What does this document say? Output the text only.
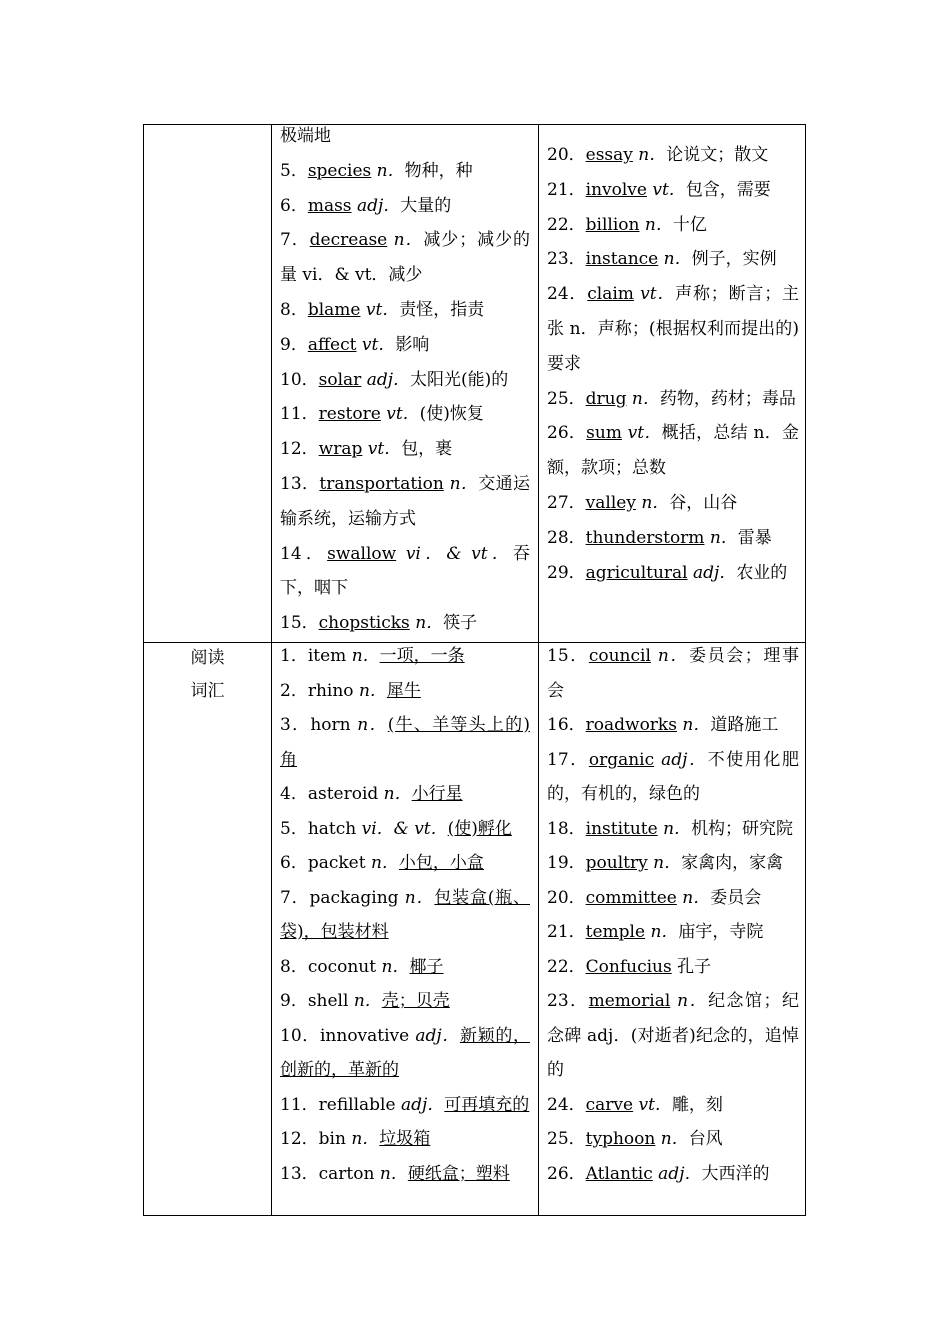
极端地

5．species n．物种，种

6．mass adj．大量的

7．decrease n．减少；减少的量 vi．& vt．减少

8．blame vt．责怪，指责

9．affect vt．影响

10．solar adj．太阳光(能)的

11．restore vt．(使)恢复

12．wrap vt．包，裹

13．transportation n．交通运输系统，运输方式

14．swallow vi．& vt．吞下，咽下

15．chopsticks n．筷子

20．essay n．论说文；散文

21．involve vt．包含，需要

22．billion n．十亿

23．instance n．例子，实例

24．claim vt．声称；断言；主张 n．声称；(根据权利而提出的)要求

25．drug n．药物，药材；毒品

26．sum vt．概括，总结 n．金额，款项；总数

27．valley n．谷，山谷

28．thunderstorm n．雷暴

29．agricultural adj．农业的

阅读

词汇

1．item n．一项，一条

2．rhino n．犀牛

3．horn n．(牛、羊等头上的)角

4．asteroid n．小行星

5．hatch vi．& vt．(使)孵化

6．packet n．小包，小盒

7．packaging n．包装盒(瓶、袋)，包装材料

8．coconut n．椰子

9．shell n．壳；贝壳

10．innovative adj．新颖的，创新的，革新的

11．refillable adj．可再填充的

12．bin n．垃圾箱

13．carton n．硬纸盒；塑料

15．council n．委员会；理事会

16．roadworks n．道路施工

17．organic adj．不使用化肥的，有机的，绿色的

18．institute n．机构；研究院

19．poultry n．家禽肉，家禽

20．committee n．委员会

21．temple n．庙宇，寺院

22．Confucius 孔子

23．memorial n．纪念馆；纪念碑 adj．(对逝者)纪念的，追悼的

24．carve vt．雕，刻

25．typhoon n．台风

26．Atlantic adj．大西洋的
